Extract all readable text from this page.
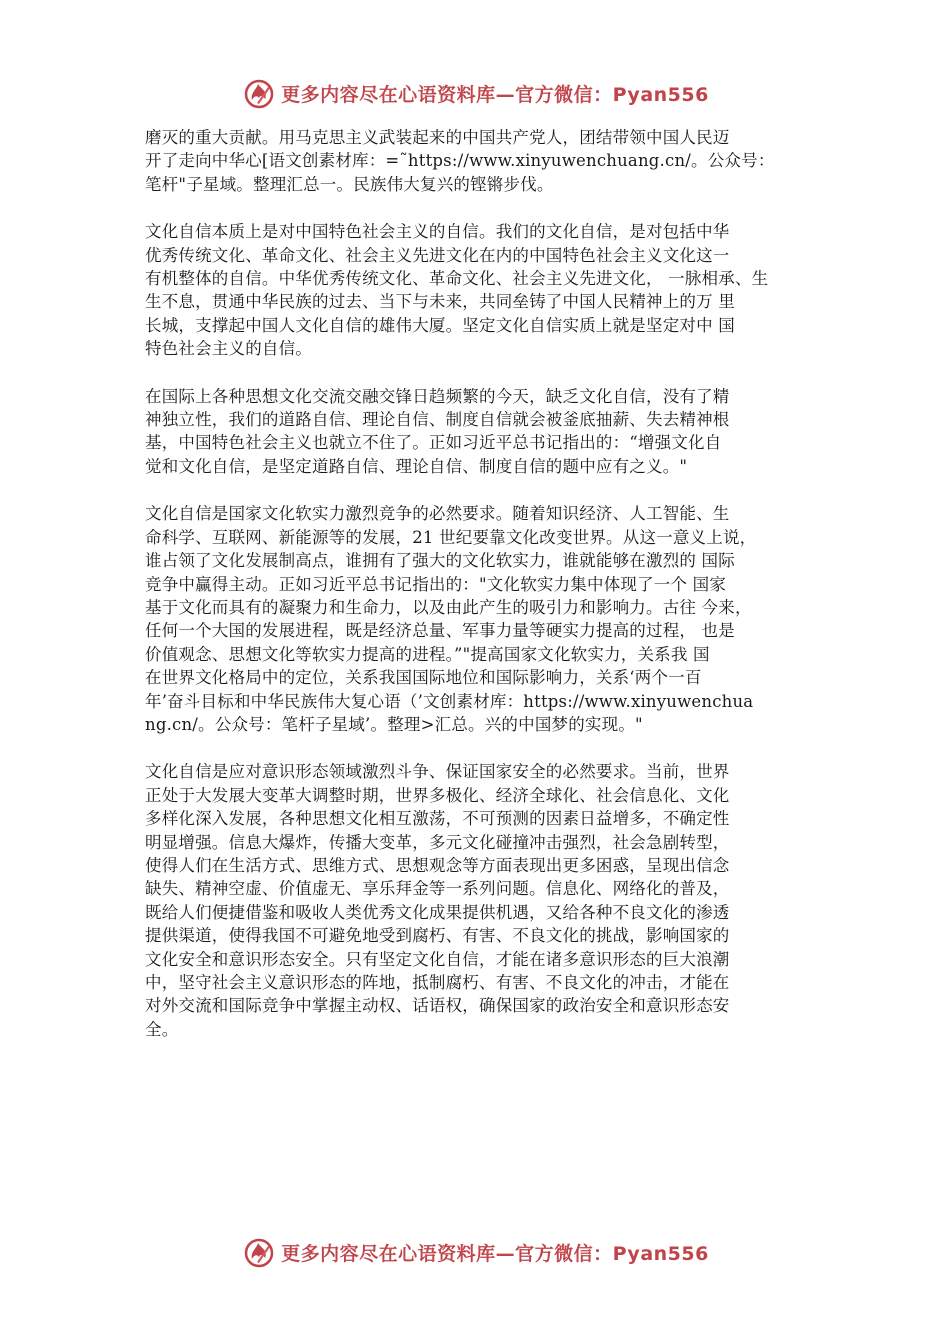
更多内容尽在心语资料库—官方微信：Pyan556
磨灭的重大贡献。用马克思主义武装起来的中国共产党人，团结带领中国人民迈
开了走向中华心[语文创素材库：=˜https://www.xinyuwenchuang.cn/。公众号：
笔杆"子星域。整理汇总一。民族伟大复兴的铿锵步伐。
文化自信本质上是对中国特色社会主义的自信。我们的文化自信，是对包括中华
优秀传统文化、革命文化、社会主义先进文化在内的中国特色社会主义文化这一
有机整体的自信。中华优秀传统文化、革命文化、社会主义先进文化， 一脉相承、生
生不息，贯通中华民族的过去、当下与未来，共同垒铸了中国人民精神上的万 里
长城，支撑起中国人文化自信的雄伟大厦。坚定文化自信实质上就是坚定对中 国
特色社会主义的自信。
在国际上各种思想文化交流交融交锋日趋频繁的今天，缺乏文化自信，没有了精
神独立性，我们的道路自信、理论自信、制度自信就会被釜底抽薪、失去精神根
基，中国特色社会主义也就立不住了。正如习近平总书记指出的：“增强文化自
觉和文化自信，是坚定道路自信、理论自信、制度自信的题中应有之义。"
文化自信是国家文化软实力激烈竞争的必然要求。随着知识经济、人工智能、生
命科学、互联网、新能源等的发展，21 世纪要靠文化改变世界。从这一意义上说，
谁占领了文化发展制高点，谁拥有了强大的文化软实力，谁就能够在激烈的 国际
竞争中赢得主动。正如习近平总书记指出的："文化软实力集中体现了一个 国家
基于文化而具有的凝聚力和生命力，以及由此产生的吸引力和影响力。古往 今来，
任何一个大国的发展进程，既是经济总量、军事力量等硬实力提高的过程， 也是
价值观念、思想文化等软实力提高的进程。”"提高国家文化软实力，关系我 国
在世界文化格局中的定位，关系我国国际地位和国际影响力，关系‘两个一百
年’奋斗目标和中华民族伟大复心语（’文创素材库：https://www.xinyuwenchua
ng.cn/。公众号：笔杆子星域’。整理>汇总。兴的中国梦的实现。"
文化自信是应对意识形态领域激烈斗争、保证国家安全的必然要求。当前，世界
正处于大发展大变革大调整时期，世界多极化、经济全球化、社会信息化、文化
多样化深入发展，各种思想文化相互激荡，不可预测的因素日益增多，不确定性
明显增强。信息大爆炸，传播大变革，多元文化碰撞冲击强烈，社会急剧转型，
使得人们在生活方式、思维方式、思想观念等方面表现出更多困惑，呈现出信念
缺失、精神空虚、价值虚无、享乐拜金等一系列问题。信息化、网络化的普及，
既给人们便捷借鉴和吸收人类优秀文化成果提供机遇，又给各种不良文化的渗透
提供渠道，使得我国不可避免地受到腐朽、有害、不良文化的挑战，影响国家的
文化安全和意识形态安全。只有坚定文化自信，才能在诸多意识形态的巨大浪潮
中，坚守社会主义意识形态的阵地，抵制腐朽、有害、不良文化的冲击，才能在
对外交流和国际竞争中掌握主动权、话语权，确保国家的政治安全和意识形态安
全。
更多内容尽在心语资料库—官方微信：Pyan556
